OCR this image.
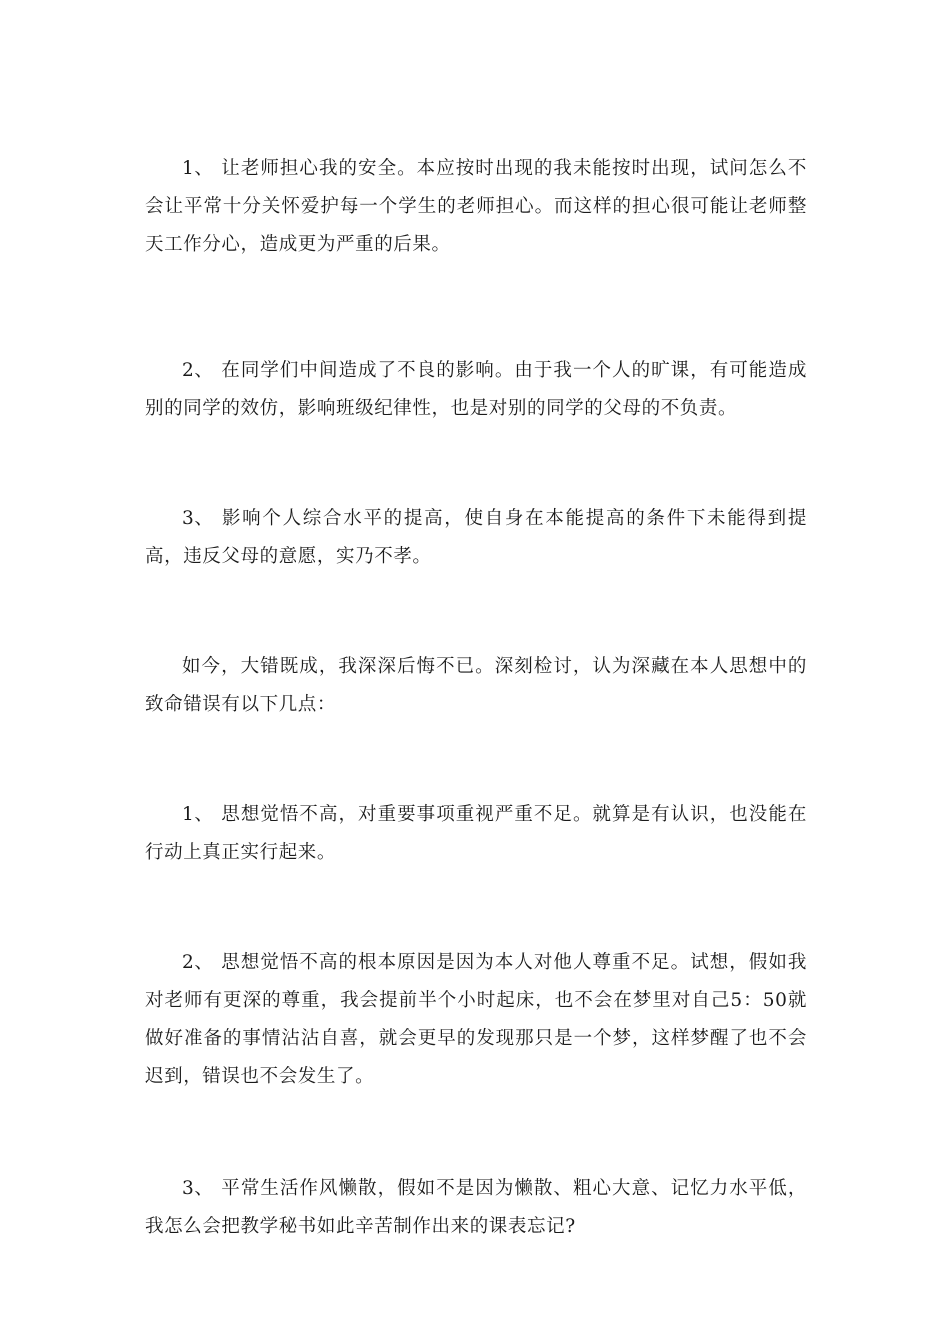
1、 让老师担心我的安全。本应按时出现的我未能按时出现，试问怎么不会让平常十分关怀爱护每一个学生的老师担心。而这样的担心很可能让老师整天工作分心，造成更为严重的后果。

2、 在同学们中间造成了不良的影响。由于我一个人的旷课，有可能造成别的同学的效仿，影响班级纪律性，也是对别的同学的父母的不负责。

3、 影响个人综合水平的提高，使自身在本能提高的条件下未能得到提高，违反父母的意愿，实乃不孝。

如今，大错既成，我深深后悔不已。深刻检讨，认为深藏在本人思想中的致命错误有以下几点：

1、 思想觉悟不高，对重要事项重视严重不足。就算是有认识，也没能在行动上真正实行起来。

2、 思想觉悟不高的根本原因是因为本人对他人尊重不足。试想，假如我对老师有更深的尊重，我会提前半个小时起床，也不会在梦里对自己5：50就做好准备的事情沾沾自喜，就会更早的发现那只是一个梦，这样梦醒了也不会迟到，错误也不会发生了。

3、 平常生活作风懒散，假如不是因为懒散、粗心大意、记忆力水平低，我怎么会把教学秘书如此辛苦制作出来的课表忘记?
